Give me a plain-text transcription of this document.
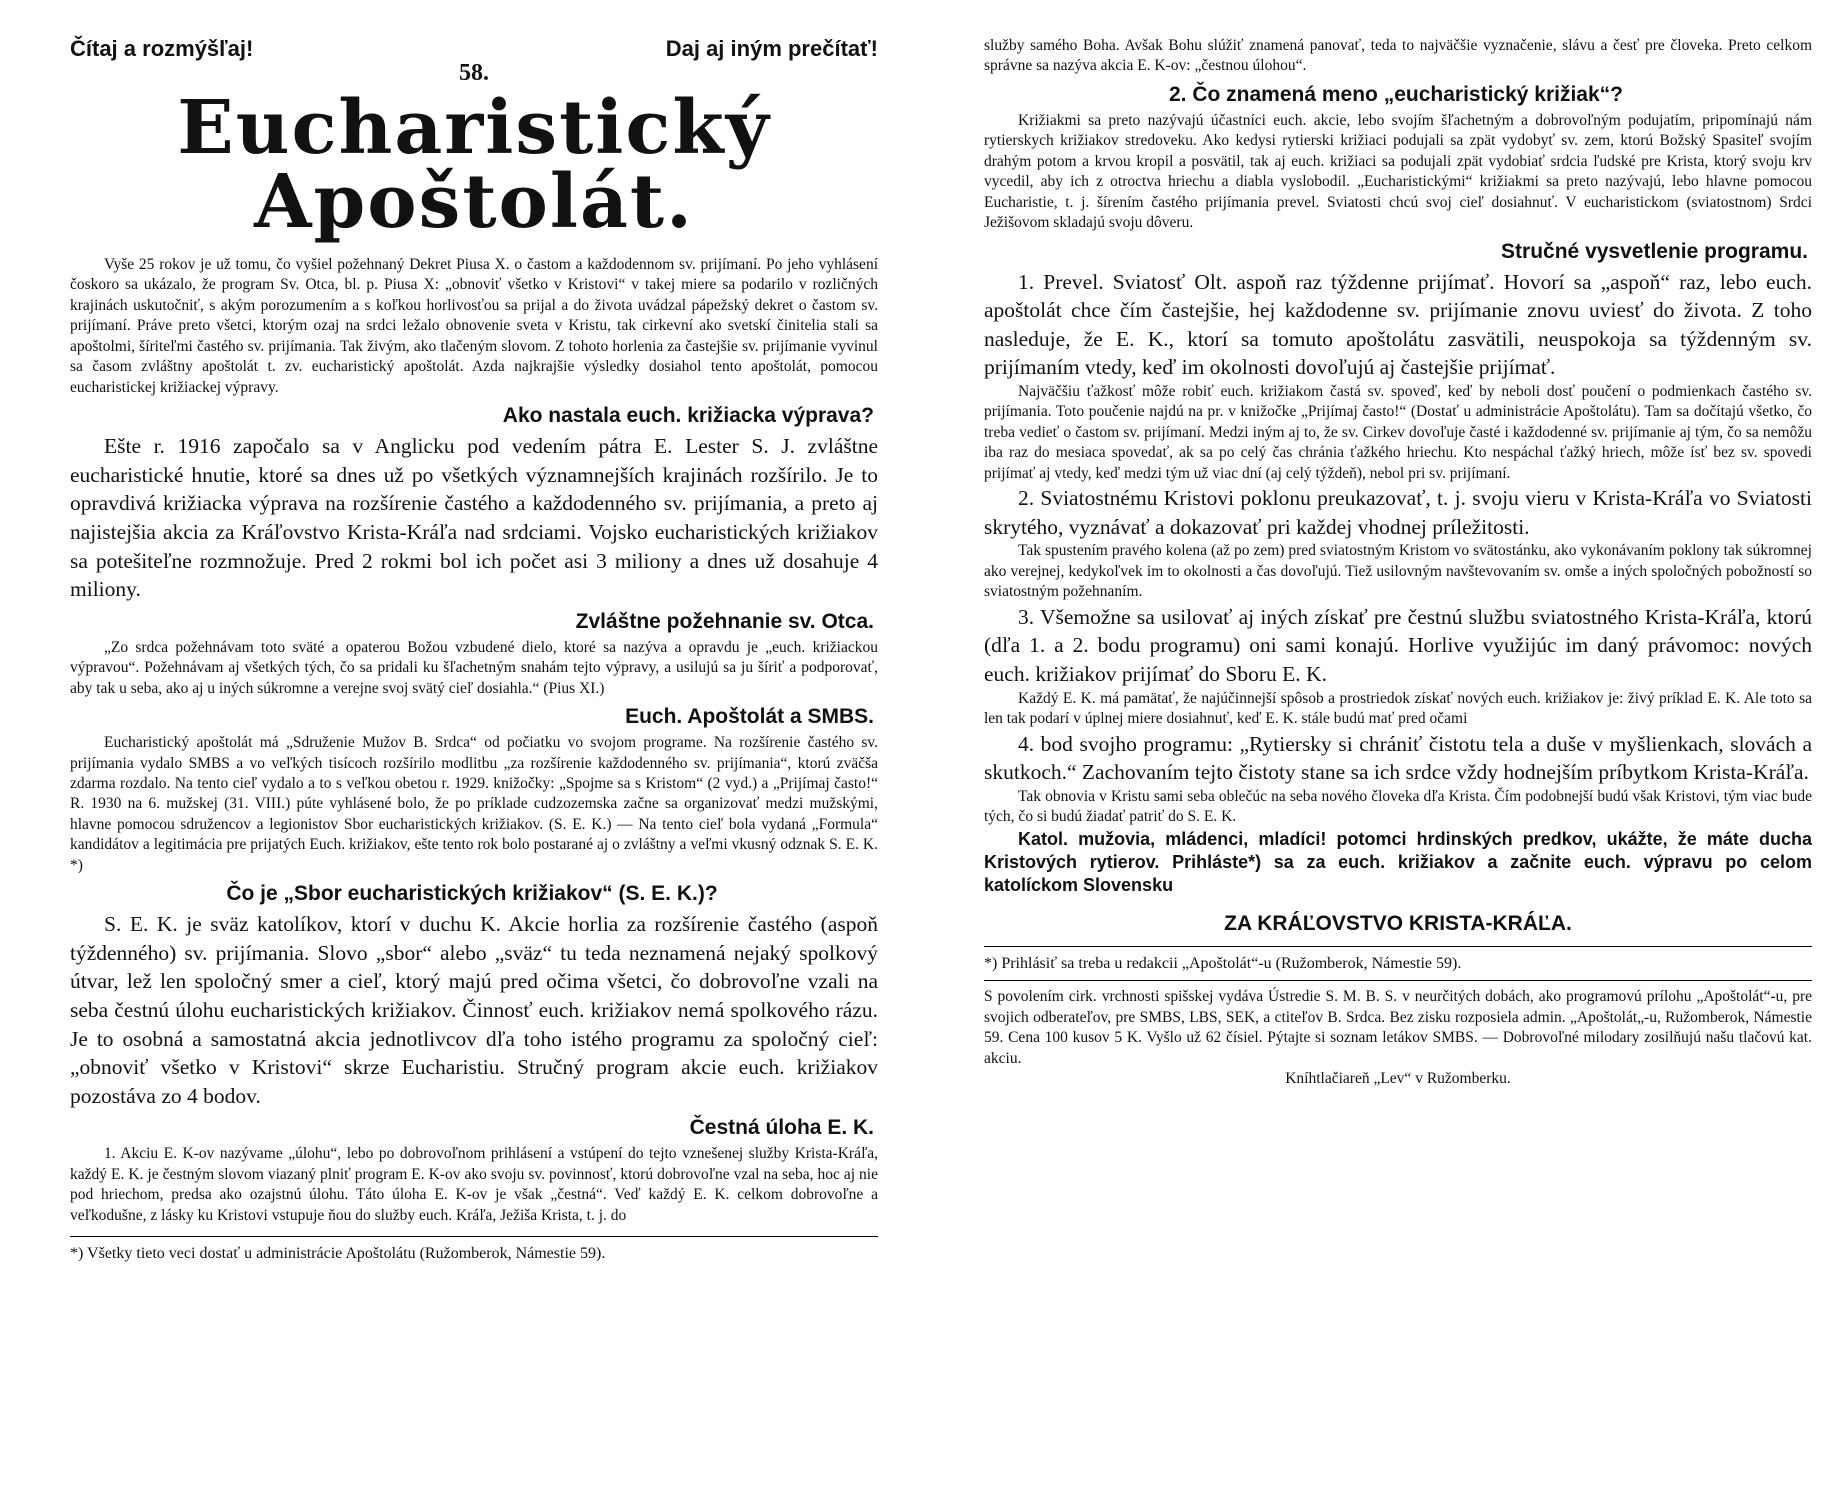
Čítaj a rozmýšľaj!	Daj aj iným prečítať!
58.
Eucharistický Apoštolát.

Vyše 25 rokov je už tomu, čo vyšiel požehnaný Dekret Piusa X. o častom a každodennom sv. prijímaní. Po jeho vyhlásení čoskoro sa ukázalo, že program Sv. Otca, bl. p. Piusa X: „obnoviť všetko v Kristovi“ v takej miere sa podarilo v rozličných krajinách uskutočniť, s akým porozumením a s koľkou horlivosťou sa prijal a do života uvádzal pápežský dekret o častom sv. prijímaní. Práve preto všetci, ktorým ozaj na srdci ležalo obnovenie sveta v Kristu, tak cirkevní ako svetskí činitelia stali sa apoštolmi, šíriteľmi častého sv. prijímania. Tak živým, ako tlačeným slovom. Z tohoto horlenia za častejšie sv. prijímanie vyvinul sa časom zvláštny apoštolát t. zv. eucharistický apoštolát. Azda najkrajšie výsledky dosiahol tento apoštolát, pomocou eucharistickej križiackej výpravy.

Ako nastala euch. križiacka výprava?

Ešte r. 1916 započalo sa v Anglicku pod vedením pátra E. Lester S. J. zvláštne eucharistické hnutie, ktoré sa dnes už po všetkých významnejších krajinách rozšírilo. Je to opravdivá križiacka výprava na rozšírenie častého a každodenného sv. prijímania, a preto aj najistejšia akcia za Kráľovstvo Krista-Kráľa nad srdciami. Vojsko eucharistických križiakov sa potešiteľne rozmnožuje. Pred 2 rokmi bol ich počet asi 3 miliony a dnes už dosahuje 4 miliony.

Zvláštne požehnanie sv. Otca.

„Zo srdca požehnávam toto sväté a opaterou Božou vzbudené dielo, ktoré sa nazýva a opravdu je „euch. križiackou výpravou“. Požehnávam aj všetkých tých, čo sa pridali ku šľachetným snahám tejto výpravy, a usilujú sa ju šíriť a podporovať, aby tak u seba, ako aj u iných súkromne a verejne svoj svätý cieľ dosiahla.“ (Pius XI.)

Euch. Apoštolát a SMBS.

Eucharistický apoštolát má „Sdruženie Mužov B. Srdca“ od počiatku vo svojom programe. Na rozšírenie častého sv. prijímania vydalo SMBS a vo veľkých tisícoch rozšírilo modlitbu „za rozšírenie každodenného sv. prijímania“, ktorú zväčša zdarma rozdalo. Na tento cieľ vydalo a to s veľkou obetou r. 1929. knižočky: „Spojme sa s Kristom“ (2 vyd.) a „Prijímaj často!“ R. 1930 na 6. mužskej (31. VIII.) púte vyhlásené bolo, že po príklade cudzozemska začne sa organizovať medzi mužskými, hlavne pomocou sdružencov a legionistov Sbor eucharistických križiakov. (S. E. K.) — Na tento cieľ bola vydaná „Formula“ kandidátov a legitimácia pre prijatých Euch. križiakov, ešte tento rok bolo postarané aj o zvláštny a veľmi vkusný odznak S. E. K. *)

Čo je „Sbor eucharistických križiakov“ (S. E. K.)?

S. E. K. je sväz katolíkov, ktorí v duchu K. Akcie horlia za rozšírenie častého (aspoň týždenného) sv. prijímania. Slovo „sbor“ alebo „sväz“ tu teda neznamená nejaký spolkový útvar, lež len spoločný smer a cieľ, ktorý majú pred očima všetci, čo dobrovoľne vzali na seba čestnú úlohu eucharistických križiakov. Činnosť euch. križiakov nemá spolkového rázu. Je to osobná a samostatná akcia jednotlivcov dľa toho istého programu za spoločný cieľ: „obnoviť všetko v Kristovi“ skrze Eucharistiu. Stručný program akcie euch. križiakov pozostáva zo 4 bodov.

Čestná úloha E. K.

1. Akciu E. K-ov nazývame „úlohu“, lebo po dobrovoľnom prihlásení a vstúpení do tejto vznešenej služby Krista-Kráľa, každý E. K. je čestným slovom viazaný plniť program E. K-ov ako svoju sv. povinnosť, ktorú dobrovoľne vzal na seba, hoc aj nie pod hriechom, predsa ako ozajstnú úlohu. Táto úloha E. K-ov je však „čestná“. Veď každý E. K. celkom dobrovoľne a veľkodušne, z lásky ku Kristovi vstupuje ňou do služby euch. Kráľa, Ježiša Krista, t. j. do

*) Všetky tieto veci dostať u administrácie Apoštolátu (Ružomberok, Námestie 59).

služby samého Boha. Avšak Bohu slúžiť znamená panovať, teda to najväčšie vyznačenie, slávu a česť pre človeka. Preto celkom správne sa nazýva akcia E. K-ov: „čestnou úlohou“.

2. Čo znamená meno „eucharistický križiak“?

Križiakmi sa preto nazývajú účastníci euch. akcie, lebo svojím šľachetným a dobrovoľným podujatím, pripomínajú nám rytierskych križiakov stredoveku. Ako kedysi rytierski križiaci podujali sa zpät vydobyť sv. zem, ktorú Božský Spasiteľ svojím drahým potom a krvou kropil a posvätil, tak aj euch. križiaci sa podujali zpät vydobiať srdcia ľudské pre Krista, ktorý svoju krv vycedil, aby ich z otroctva hriechu a diabla vyslobodil. „Eucharistickými“ križiakmi sa preto nazývajú, lebo hlavne pomocou Eucharistie, t. j. šírením častého prijímania prevel. Sviatosti chcú svoj cieľ dosiahnuť. V eucharistickom (sviatostnom) Srdci Ježišovom skladajú svoju dôveru.

Stručné vysvetlenie programu.

1. Prevel. Sviatosť Olt. aspoň raz týždenne prijímať. Hovorí sa „aspoň“ raz, lebo euch. apoštolát chce čím častejšie, hej každodenne sv. prijímanie znovu uviesť do života. Z toho nasleduje, že E. K., ktorí sa tomuto apoštolátu zasvätili, neuspokoja sa týždenným sv. prijímaním vtedy, keď im okolnosti dovoľujú aj častejšie prijímať.

Najväčšiu ťažkosť môže robiť euch. križiakom častá sv. spoveď, keď by neboli dosť poučení o podmienkach častého sv. prijímania. Toto poučenie najdú na pr. v knižočke „Prijímaj často!“ (Dostať u administrácie Apoštolátu). Tam sa dočítajú všetko, čo treba vedieť o častom sv. prijímaní. Medzi iným aj to, že sv. Cirkev dovoľuje časté i každodenné sv. prijímanie aj tým, čo sa nemôžu iba raz do mesiaca spovedať, ak sa po celý čas chránia ťažkého hriechu. Kto nespáchal ťažký hriech, môže ísť bez sv. spovedi prijímať aj vtedy, keď medzi tým už viac dní (aj celý týždeň), nebol pri sv. prijímaní.

2. Sviatostnému Kristovi poklonu preukazovať, t. j. svoju vieru v Krista-Kráľa vo Sviatosti skrytého, vyznávať a dokazovať pri každej vhodnej príležitosti.

Tak spustením pravého kolena (až po zem) pred sviatostným Kristom vo svätostánku, ako vykonávaním poklony tak súkromnej ako verejnej, kedykoľvek im to okolnosti a čas dovoľujú. Tiež usilovným navštevovaním sv. omše a iných spoločných pobožností so sviatostným požehnaním.

3. Všemožne sa usilovať aj iných získať pre čestnú službu sviatostného Krista-Kráľa, ktorú (dľa 1. a 2. bodu programu) oni sami konajú. Horlive využijúc im daný právomoc: nových euch. križiakov prijímať do Sboru E. K.

Každý E. K. má pamätať, že najúčinnejší spôsob a prostriedok získať nových euch. križiakov je: živý príklad E. K. Ale toto sa len tak podarí v úplnej miere dosiahnuť, keď E. K. stále budú mať pred očami

4. bod svojho programu: „Rytiersky si chrániť čistotu tela a duše v myšlienkach, slovách a skutkoch.“ Zachovaním tejto čistoty stane sa ich srdce vždy hodnejším príbytkom Krista-Kráľa.

Tak obnovia v Kristu sami seba oblečúc na seba nového človeka dľa Krista. Čím podobnejší budú však Kristovi, tým viac bude tých, čo si budú žiadať patriť do S. E. K.

Katol. mužovia, mládenci, mladíci! potomci hrdinských predkov, ukážte, že máte ducha Kristových rytierov. Prihláste*) sa za euch. križiakov a začnite euch. výpravu po celom katolíckom Slovensku

ZA KRÁĽOVSTVO KRISTA-KRÁĽA.
*) Prihlásiť sa treba u redakcii „Apoštolát“-u (Ružomberok, Námestie 59).

S povolením cirk. vrchnosti spišskej vydáva Ústredie S. M. B. S. v neurčitých dobách, ako programovú prílohu „Apoštolát“-u, pre svojich odberateľov, pre SMBS, LBS, SEK, a ctiteľov B. Srdca. Bez zisku rozposiela admin. „Apoštolát„-u, Ružomberok, Námestie 59. Cena 100 kusov 5 K. Vyšlo už 62 čísiel. Pýtajte si soznam letákov SMBS. — Dobrovoľné milodary zosilňujú našu tlačovú kat. akciu.

Kníhtlačiareň „Lev“ v Ružomberku.
